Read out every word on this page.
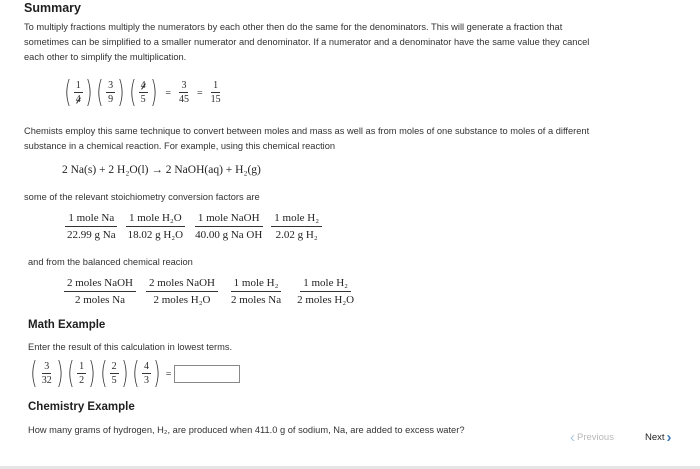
Summary
To multiply fractions multiply the numerators by each other then do the same for the denominators. This will generate a fraction that
sometimes can be simplified to a smaller numerator and denominator. If a numerator and a denominator have the same value they cancel
each other to simplify the multiplication.
( $\frac{1}{4}$ ) ( $\frac{3}{9}$ ) ( $\frac{4}{5}$ ) = $\frac{3}{45} = \frac{1}{15}$
Chemists employ this same technique to convert between moles and mass as well as from moles of one substance to moles of a different
substance in a chemical reaction. For example, using this chemical reaction
2 Na(s) + 2 H₂O(l) → 2 NaOH(aq) + H₂(g)
some of the relevant stoichiometry conversion factors are
$\frac{\text{1 mole Na}}{\text{22.99 g Na}} \frac{\text{1 mole H₂O}}{\text{18.02 g H₂O}} \frac{\text{1 mole NaOH}}{\text{40.00 g Na OH}} \frac{\text{1 mole H₂}}{\text{2.02 g H₂}}$
and from the balanced chemical reacion
$\frac{\text{2 moles NaOH}}{\text{2 moles Na}} \frac{\text{2 moles NaOH}}{\text{2 moles H₂O}} \frac{\text{1 mole H₂}}{\text{2 moles Na}} \frac{\text{1 mole H₂}}{\text{2 moles H₂O}}$
Math Example
Enter the result of this calculation in lowest terms.
( $\frac{3}{32}$ ) ( $\frac{1}{2}$ ) ( $\frac{2}{5}$ ) ( $\frac{4}{3}$ ) =
Chemistry Example
How many grams of hydrogen, H₂, are produced when 411.0 g of sodium, Na, are added to excess water?	‹ Previous	Next ›
